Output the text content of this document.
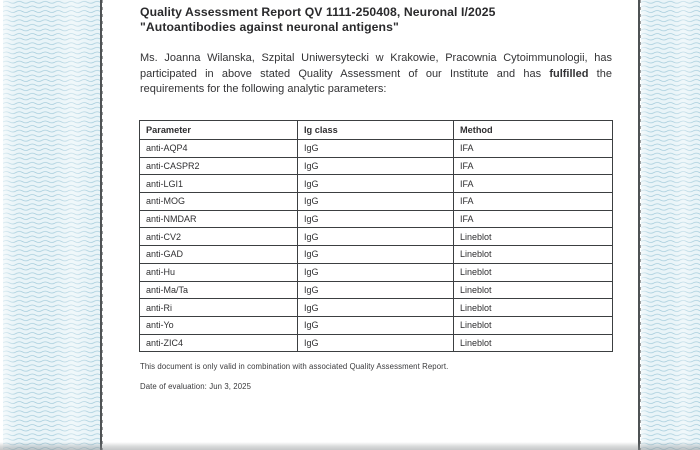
Quality Assessment Report QV 1111-250408, Neuronal I/2025
"Autoantibodies against neuronal antigens"
Ms. Joanna Wilanska, Szpital Uniwersytecki w Krakowie, Pracownia Cytoimmunologii, has
participated in above stated Quality Assessment of our Institute and has fulfilled the
requirements for the following analytic parameters:
Parameter	Ig class	Method
anti-AQP4	IgG	IFA
anti-CASPR2	IgG	IFA
anti-LGI1	IgG	IFA
anti-MOG	IgG	IFA
anti-NMDAR	IgG	IFA
anti-CV2	IgG	Lineblot
anti-GAD	IgG	Lineblot
anti-Hu	IgG	Lineblot
anti-Ma/Ta	IgG	Lineblot
anti-Ri	IgG	Lineblot
anti-Yo	IgG	Lineblot
anti-ZIC4	IgG	Lineblot
This document is only valid in combination with associated Quality Assessment Report.
Date of evaluation: Jun 3, 2025
